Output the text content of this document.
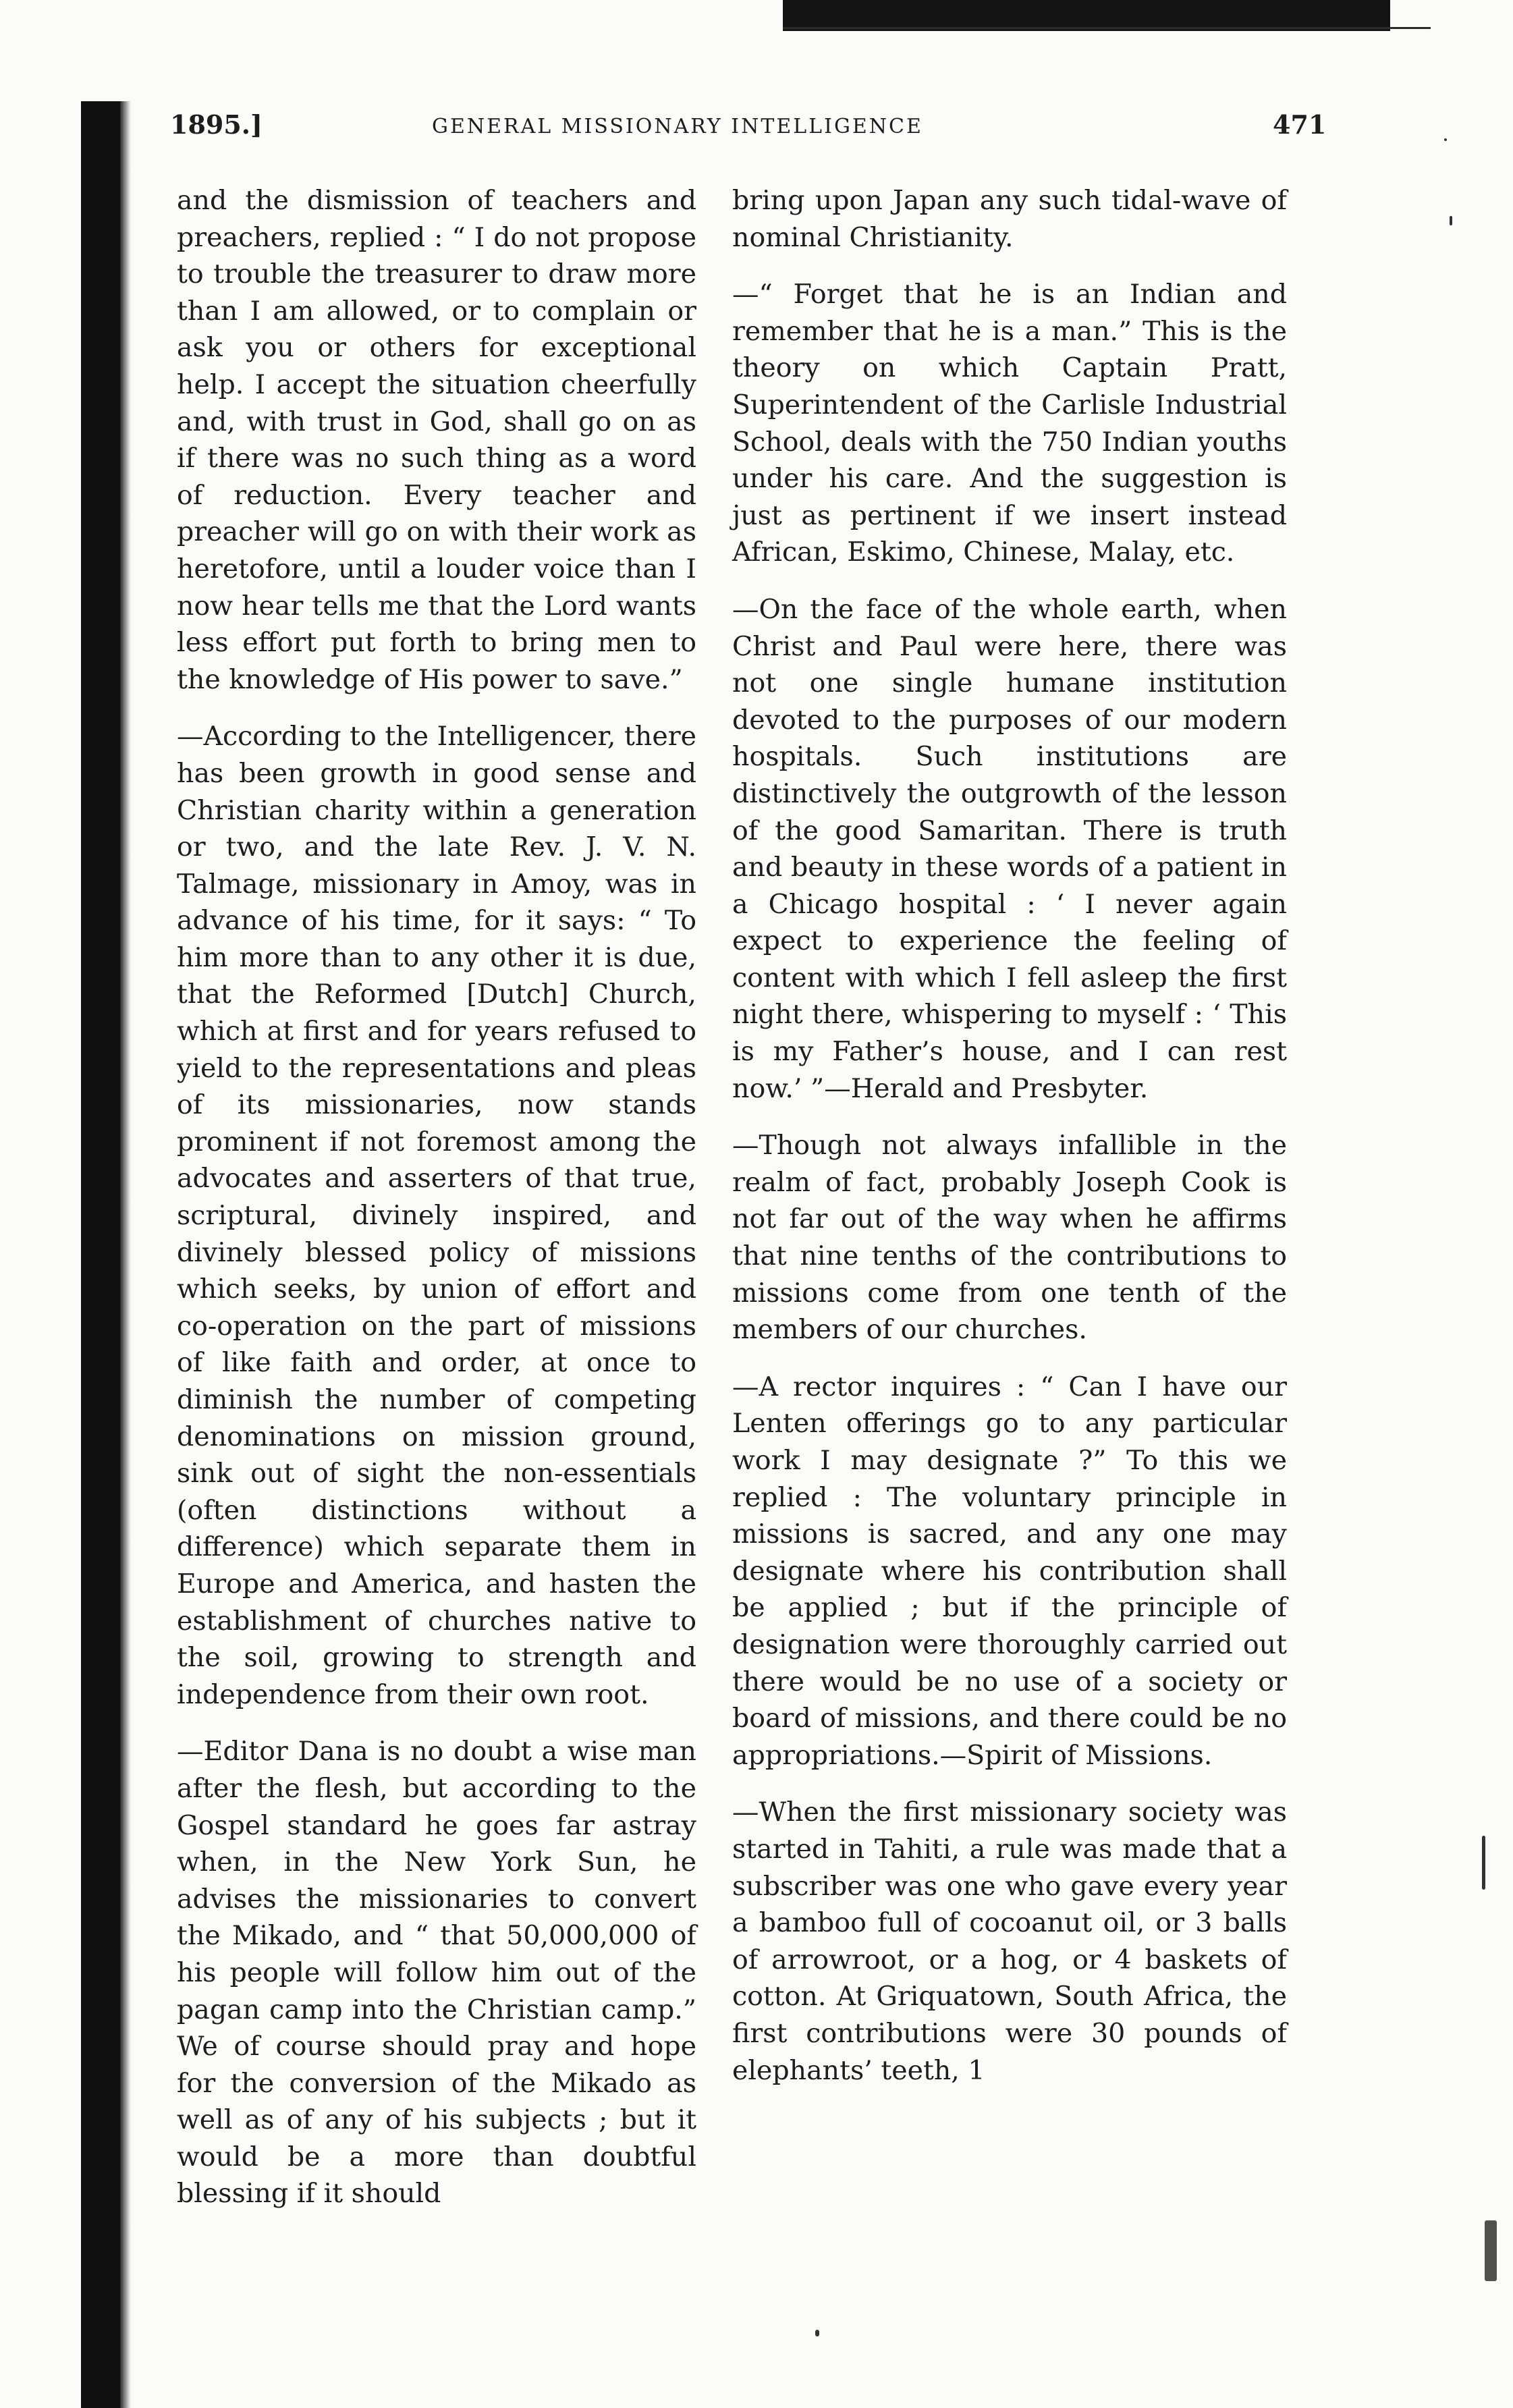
1895.]	GENERAL MISSIONARY INTELLIGENCE	471

and the dismission of teachers and preachers, replied : “ I do not propose to trouble the treasurer to draw more than I am allowed, or to complain or ask you or others for exceptional help. I accept the situation cheerfully and, with trust in God, shall go on as if there was no such thing as a word of reduction. Every teacher and preacher will go on with their work as heretofore, until a louder voice than I now hear tells me that the Lord wants less effort put forth to bring men to the knowledge of His power to save.”

—According to the Intelligencer, there has been growth in good sense and Christian charity within a generation or two, and the late Rev. J. V. N. Talmage, missionary in Amoy, was in advance of his time, for it says: “ To him more than to any other it is due, that the Reformed [Dutch] Church, which at first and for years refused to yield to the representations and pleas of its missionaries, now stands prominent if not foremost among the advocates and asserters of that true, scriptural, divinely inspired, and divinely blessed policy of missions which seeks, by union of effort and co-operation on the part of missions of like faith and order, at once to diminish the number of competing denominations on mission ground, sink out of sight the non-essentials (often distinctions without a difference) which separate them in Europe and America, and hasten the establishment of churches native to the soil, growing to strength and independence from their own root.

—Editor Dana is no doubt a wise man after the flesh, but according to the Gospel standard he goes far astray when, in the New York Sun, he advises the missionaries to convert the Mikado, and “ that 50,000,000 of his people will follow him out of the pagan camp into the Christian camp.” We of course should pray and hope for the conversion of the Mikado as well as of any of his subjects ; but it would be a more than doubtful blessing if it should

bring upon Japan any such tidal-wave of nominal Christianity.

—“ Forget that he is an Indian and remember that he is a man.” This is the theory on which Captain Pratt, Superintendent of the Carlisle Industrial School, deals with the 750 Indian youths under his care. And the suggestion is just as pertinent if we insert instead African, Eskimo, Chinese, Malay, etc.

—On the face of the whole earth, when Christ and Paul were here, there was not one single humane institution devoted to the purposes of our modern hospitals. Such institutions are distinctively the outgrowth of the lesson of the good Samaritan. There is truth and beauty in these words of a patient in a Chicago hospital : ‘ I never again expect to experience the feeling of content with which I fell asleep the first night there, whispering to myself : ‘ This is my Father’s house, and I can rest now.’ ”—Herald and Presbyter.

—Though not always infallible in the realm of fact, probably Joseph Cook is not far out of the way when he affirms that nine tenths of the contributions to missions come from one tenth of the members of our churches.

—A rector inquires : “ Can I have our Lenten offerings go to any particular work I may designate ?” To this we replied : The voluntary principle in missions is sacred, and any one may designate where his contribution shall be applied ; but if the principle of designation were thoroughly carried out there would be no use of a society or board of missions, and there could be no appropriations.—Spirit of Missions.

—When the first missionary society was started in Tahiti, a rule was made that a subscriber was one who gave every year a bamboo full of cocoanut oil, or 3 balls of arrowroot, or a hog, or 4 baskets of cotton. At Griquatown, South Africa, the first contributions were 30 pounds of elephants’ teeth, 1
